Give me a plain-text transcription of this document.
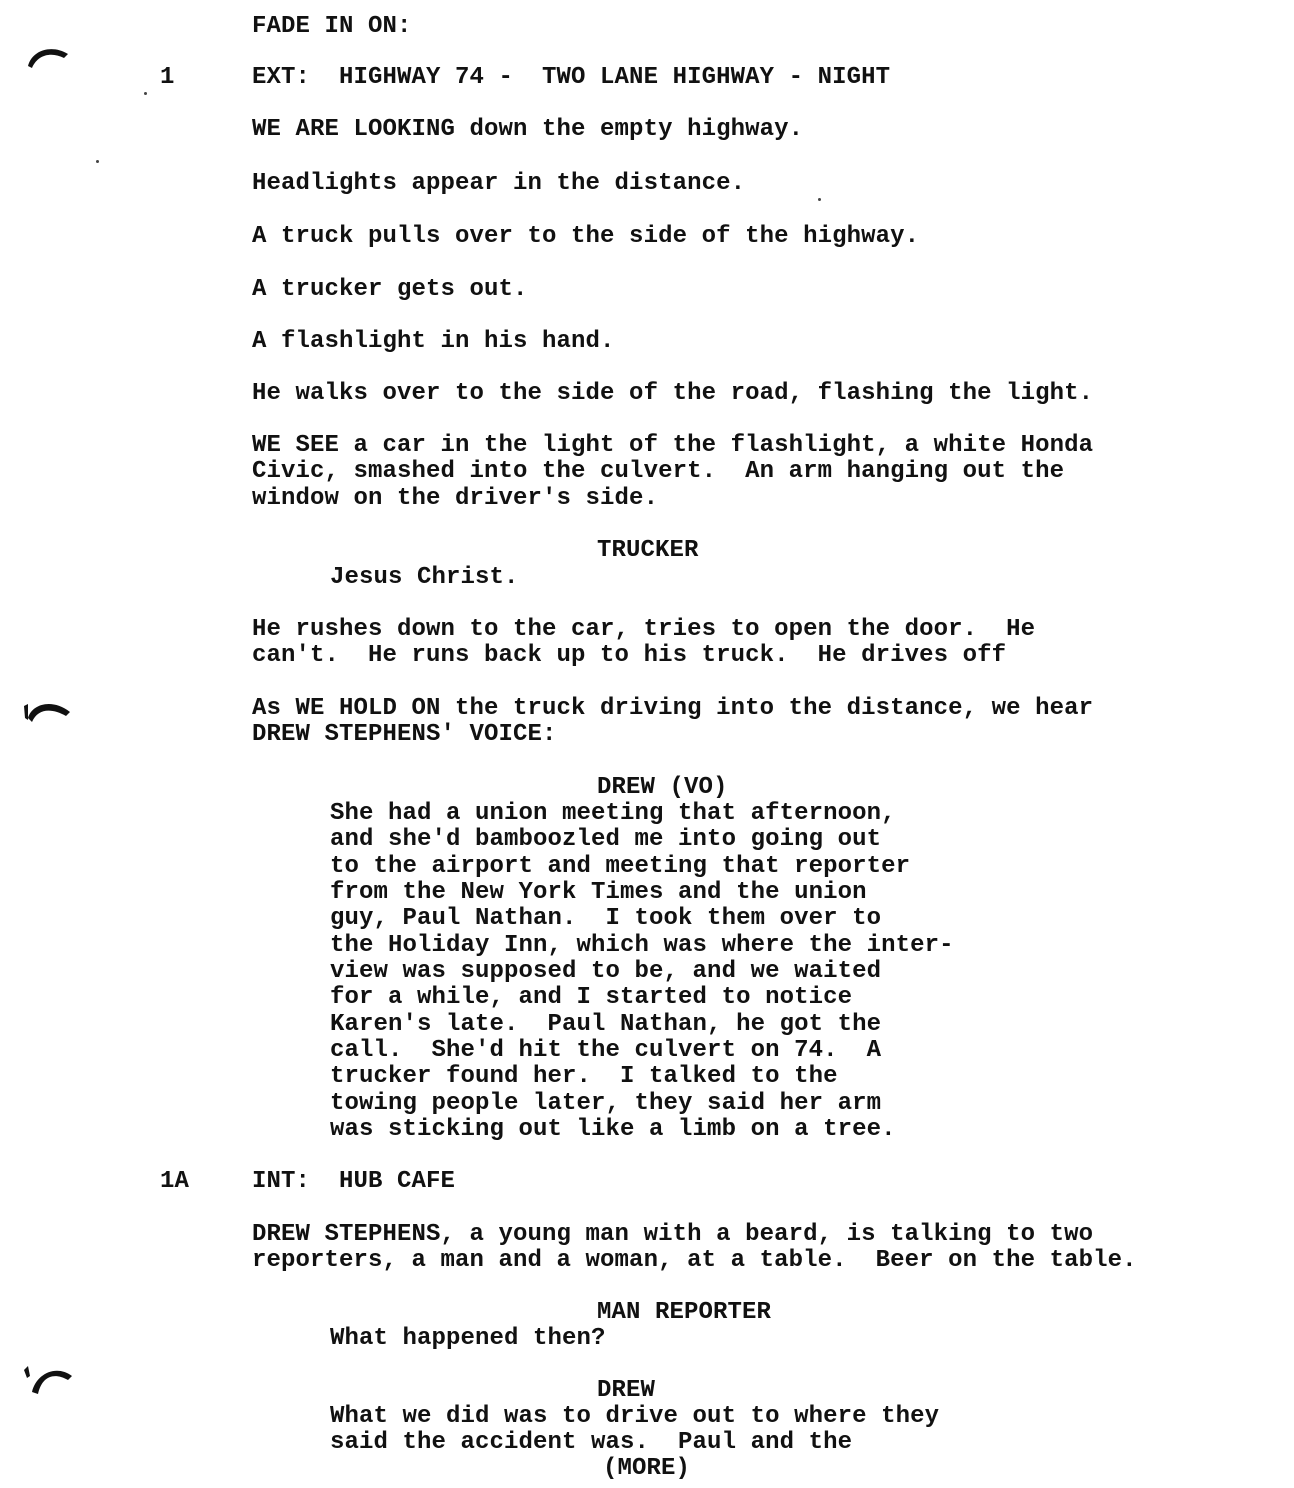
FADE IN ON:
1	EXT:  HIGHWAY 74 -  TWO LANE HIGHWAY - NIGHT
WE ARE LOOKING down the empty highway.
Headlights appear in the distance.
A truck pulls over to the side of the highway.
A trucker gets out.
A flashlight in his hand.
He walks over to the side of the road, flashing the light.
WE SEE a car in the light of the flashlight, a white Honda
Civic, smashed into the culvert.  An arm hanging out the
window on the driver's side.
TRUCKER
Jesus Christ.
He rushes down to the car, tries to open the door.  He
can't.  He runs back up to his truck.  He drives off
As WE HOLD ON the truck driving into the distance, we hear
DREW STEPHENS' VOICE:
DREW (VO)
She had a union meeting that afternoon,
and she'd bamboozled me into going out
to the airport and meeting that reporter
from the New York Times and the union
guy, Paul Nathan.  I took them over to
the Holiday Inn, which was where the inter-
view was supposed to be, and we waited
for a while, and I started to notice
Karen's late.  Paul Nathan, he got the
call.  She'd hit the culvert on 74.  A
trucker found her.  I talked to the
towing people later, they said her arm
was sticking out like a limb on a tree.
1A	INT:  HUB CAFE
DREW STEPHENS, a young man with a beard, is talking to two
reporters, a man and a woman, at a table.  Beer on the table.
MAN REPORTER
What happened then?
DREW
What we did was to drive out to where they
said the accident was.  Paul and the
(MORE)
